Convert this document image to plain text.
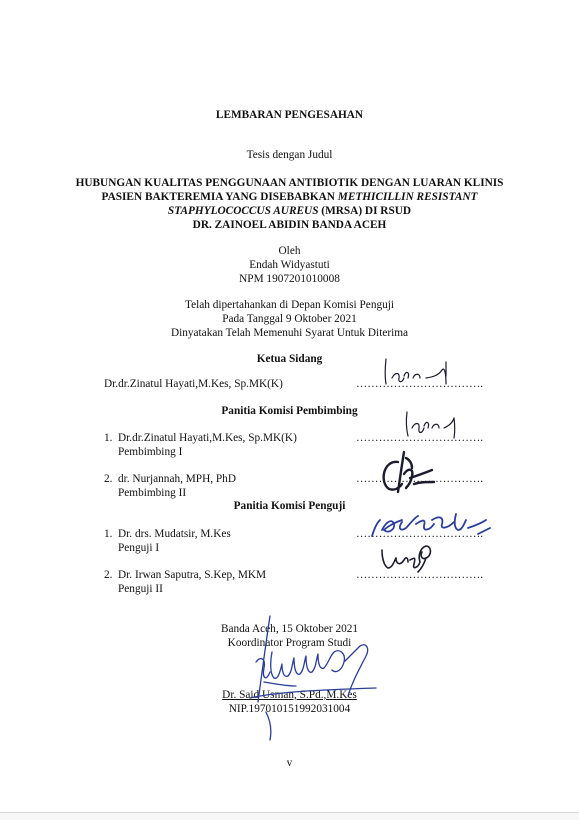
LEMBARAN PENGESAHAN
Tesis dengan Judul
HUBUNGAN KUALITAS PENGGUNAAN ANTIBIOTIK DENGAN LUARAN KLINIS
PASIEN BAKTEREMIA YANG DISEBABKAN METHICILLIN RESISTANT
STAPHYLOCOCCUS AUREUS (MRSA) DI RSUD
DR. ZAINOEL ABIDIN BANDA ACEH
Oleh
Endah Widyastuti
NPM 1907201010008
Telah dipertahankan di Depan Komisi Penguji
Pada Tanggal 9 Oktober 2021
Dinyatakan Telah Memenuhi Syarat Untuk Diterima
Ketua Sidang
Dr.dr.Zinatul Hayati,M.Kes, Sp.MK(K)	…………………………….
Panitia Komisi Pembimbing
1. Dr.dr.Zinatul Hayati,M.Kes, Sp.MK(K)
Pembimbing I
…………………………….
2. dr. Nurjannah, MPH, PhD
Pembimbing II
…………………………….
Panitia Komisi Penguji
1. Dr. drs. Mudatsir, M.Kes
Penguji I
…………………………….
2. Dr. Irwan Saputra, S.Kep, MKM
Penguji II
…………………………….
Banda Aceh, 15 Oktober 2021
Koordinator Program Studi
Dr. Said Usman, S.Pd.,M.Kes
NIP.197010151992031004
v
